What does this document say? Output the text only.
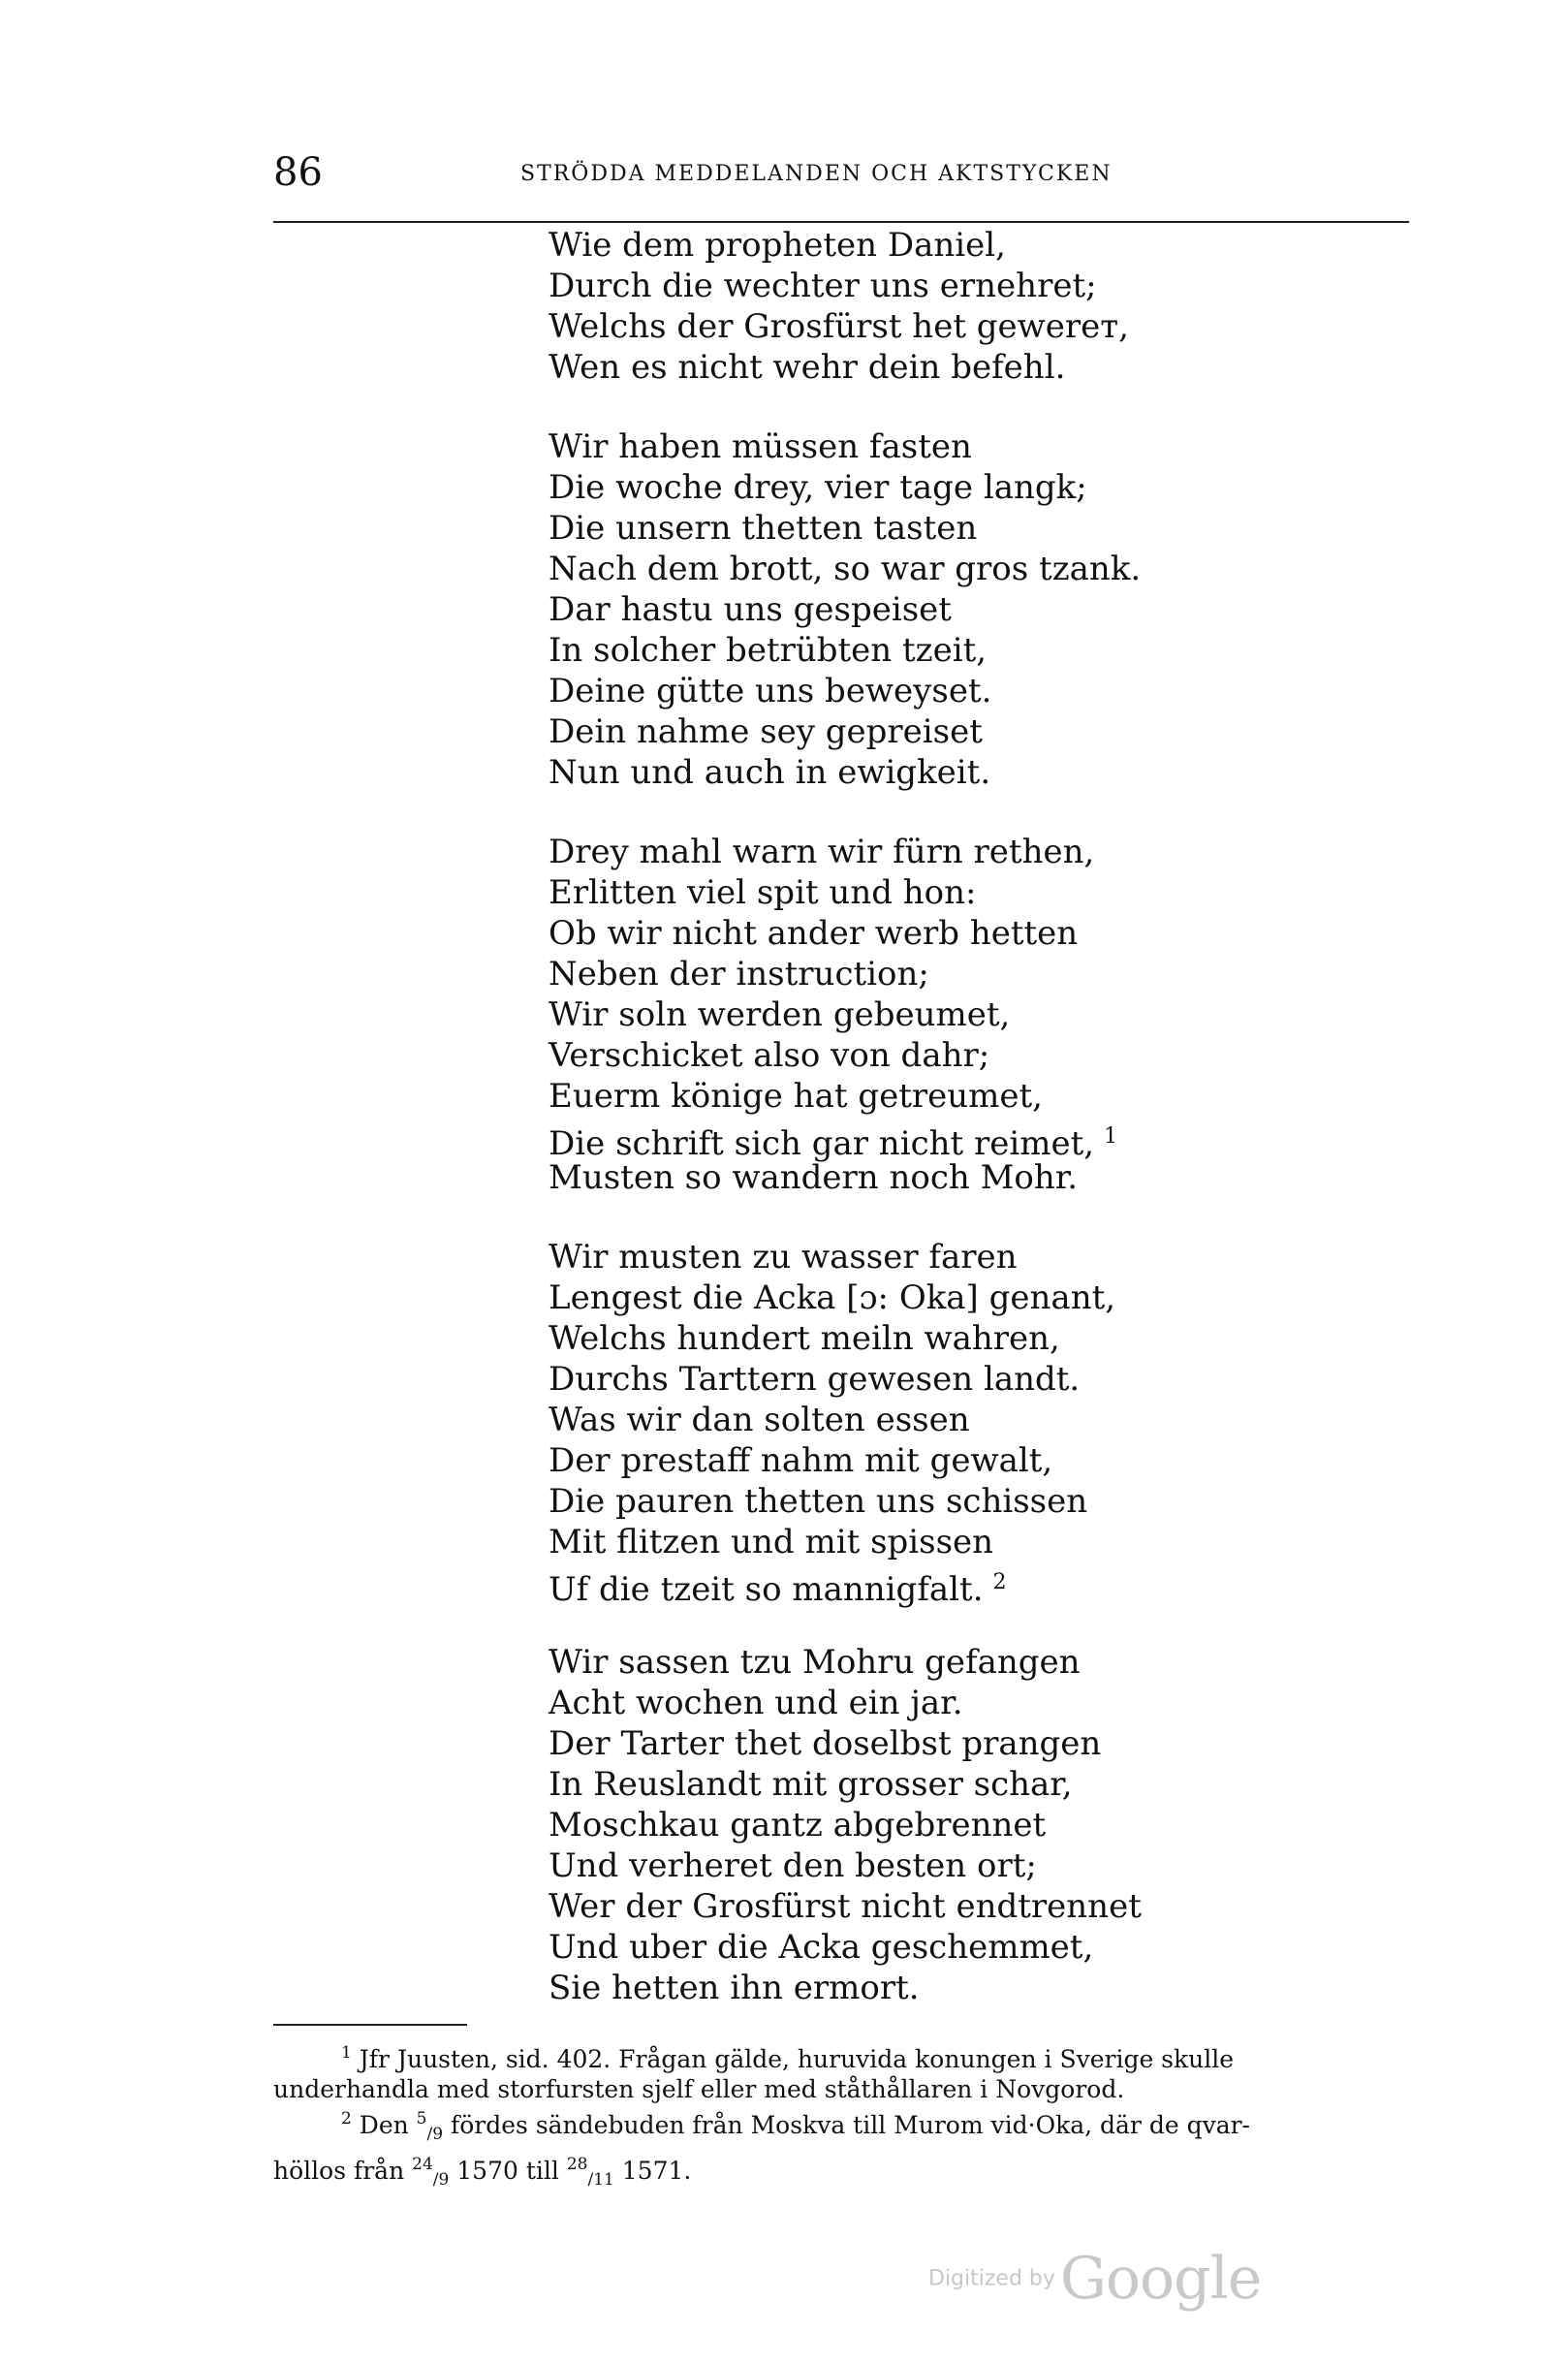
86	STRÖDDA MEDDELANDEN OCH AKTSTYCKEN
Wie dem propheten Daniel,
Durch die wechter uns ernehret;
Welchs der Grosfürst het gewerет,
Wen es nicht wehr dein befehl.
Wir haben müssen fasten
Die woche drey, vier tage langk;
Die unsern thetten tasten
Nach dem brott, so war gros tzank.
Dar hastu uns gespeiset
In solcher betrübten tzeit,
Deine gütte uns beweyset.
Dein nahme sey gepreiset
Nun und auch in ewigkeit.
Drey mahl warn wir fürn rethen,
Erlitten viel spit und hon:
Ob wir nicht ander werb hetten
Neben der instruction;
Wir soln werden gebeumet,
Verschicket also von dahr;
Euerm könige hat getreumet,
Die schrift sich gar nicht reimet, $^1$
Musten so wandern noch Mohr.
Wir musten zu wasser faren
Lengest die Acka [ɔ: Oka] genant,
Welchs hundert meiln wahren,
Durchs Tarttern gewesen landt.
Was wir dan solten essen
Der prestaff nahm mit gewalt,
Die pauren thetten uns schissen
Mit flitzen und mit spissen
Uf die tzeit so mannigfalt. $^2$
Wir sassen tzu Mohru gefangen
Acht wochen und ein jar.
Der Tarter thet doselbst prangen
In Reuslandt mit grosser schar,
Moschkau gantz abgebrennet
Und verheret den besten ort;
Wer der Grosfürst nicht endtrennet
Und uber die Acka geschemmet,
Sie hetten ihn ermort.
$^1$ Jfr Juusten, sid. 402. Frågan gälde, huruvida konungen i Sverige skulle
underhandla med storfursten sjelf eller med ståthållaren i Novgorod.
$^2$ Den $^5_{/9}$ fördes sändebuden från Moskva till Murom vid·Oka, där de qvar-
höllos från $^{24}_{/9}$ 1570 till $^{28}_{/11}$ 1571.
Digitized by Google
